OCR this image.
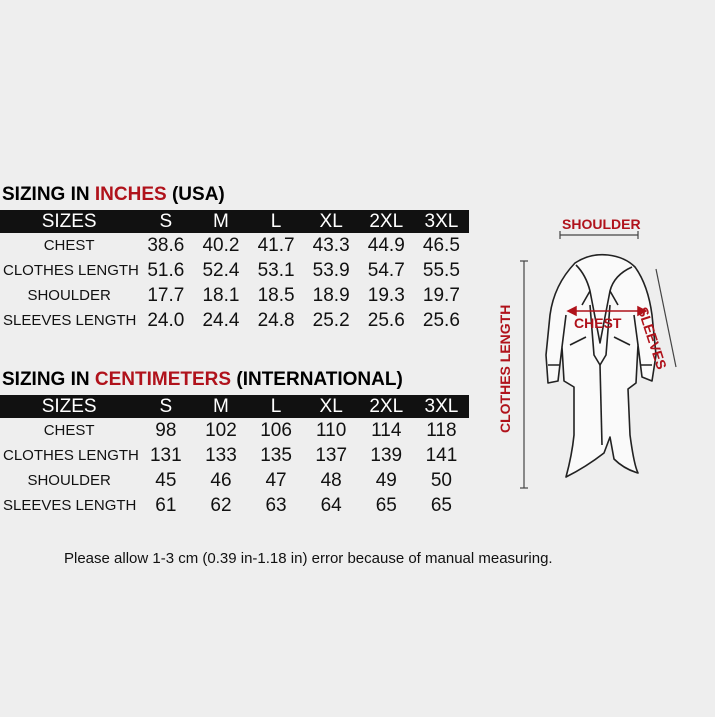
SIZING IN INCHES (USA)
SIZES	S	M	L	XL	2XL	3XL
CHEST	38.6	40.2	41.7	43.3	44.9	46.5
CLOTHES LENGTH	51.6	52.4	53.1	53.9	54.7	55.5
SHOULDER	17.7	18.1	18.5	18.9	19.3	19.7
SLEEVES LENGTH	24.0	24.4	24.8	25.2	25.6	25.6
SIZING IN CENTIMETERS (INTERNATIONAL)
SIZES	S	M	L	XL	2XL	3XL
CHEST	98	102	106	110	114	118
CLOTHES LENGTH	131	133	135	137	139	141
SHOULDER	45	46	47	48	49	50
SLEEVES LENGTH	61	62	63	64	65	65
Please allow 1-3 cm (0.39 in-1.18 in) error because of manual measuring.
SHOULDER
CHEST SLEEVES
CLOTHES LENGTH
